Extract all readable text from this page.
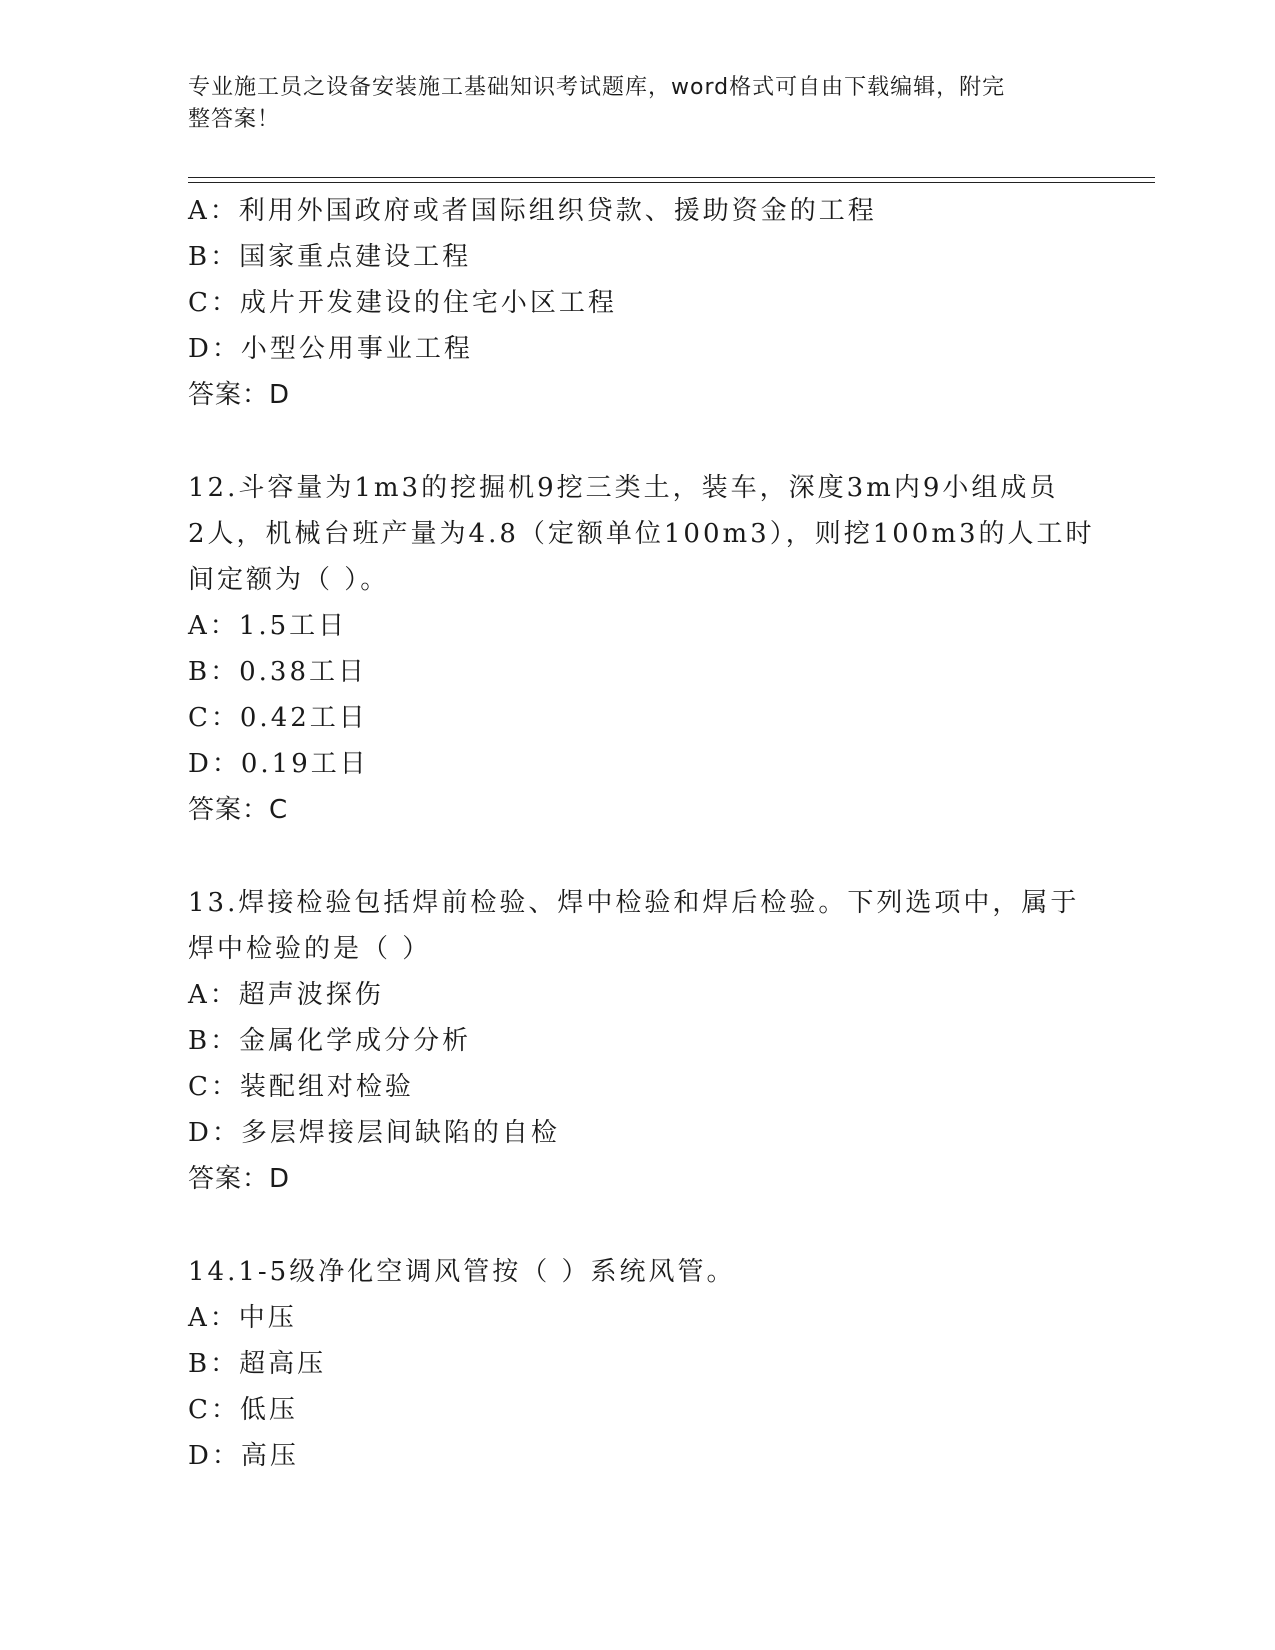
专业施工员之设备安装施工基础知识考试题库，word格式可自由下载编辑，附完
整答案！
A：利用外国政府或者国际组织贷款、援助资金的工程
B：国家重点建设工程
C：成片开发建设的住宅小区工程
D：小型公用事业工程
答案：D
12.斗容量为1m3的挖掘机9挖三类土，装车，深度3m内9小组成员
2人，机械台班产量为4.8（定额单位100m3），则挖100m3的人工时
间定额为（ ）。
A：1.5工日
B：0.38工日
C：0.42工日
D：0.19工日
答案：C
13.焊接检验包括焊前检验、焊中检验和焊后检验。下列选项中，属于
焊中检验的是（ ）
A：超声波探伤
B：金属化学成分分析
C：装配组对检验
D：多层焊接层间缺陷的自检
答案：D
14.1-5级净化空调风管按（ ）系统风管。
A：中压
B：超高压
C：低压
D：高压
